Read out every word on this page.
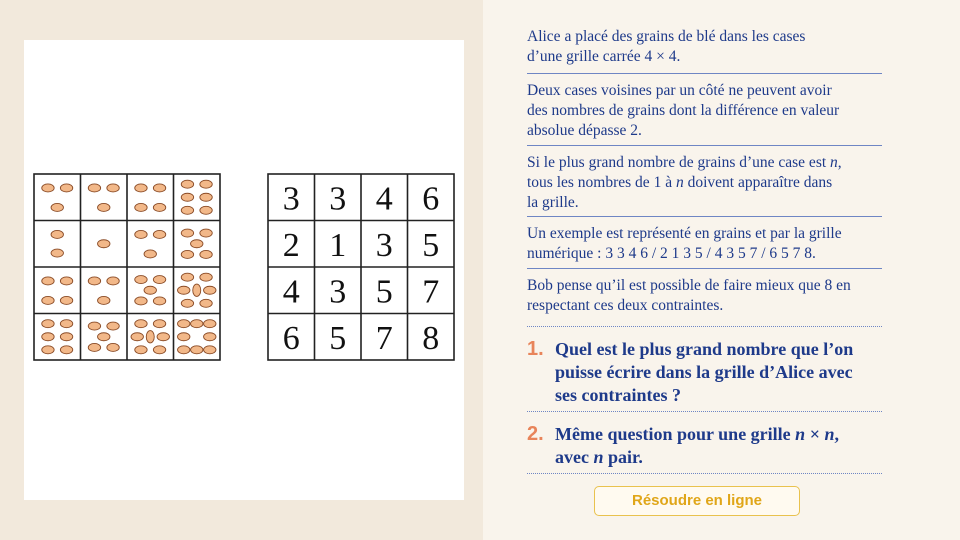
3 3 4 6
2 1 3 5
4 3 5 7
6 5 7 8
Alice a placé des grains de blé dans les cases
d’une grille carrée 4 × 4.
Deux cases voisines par un côté ne peuvent avoir
des nombres de grains dont la différence en valeur
absolue dépasse 2.
Si le plus grand nombre de grains d’une case est n,
tous les nombres de 1 à n doivent apparaître dans
la grille.
Un exemple est représenté en grains et par la grille
numérique : 3 3 4 6 / 2 1 3 5 / 4 3 5 7 / 6 5 7 8.
Bob pense qu’il est possible de faire mieux que 8 en
respectant ces deux contraintes.
1. Quel est le plus grand nombre que l’on
puisse écrire dans la grille d’Alice avec
ses contraintes ?
2. Même question pour une grille n × n,
avec n pair.
Résoudre en ligne
